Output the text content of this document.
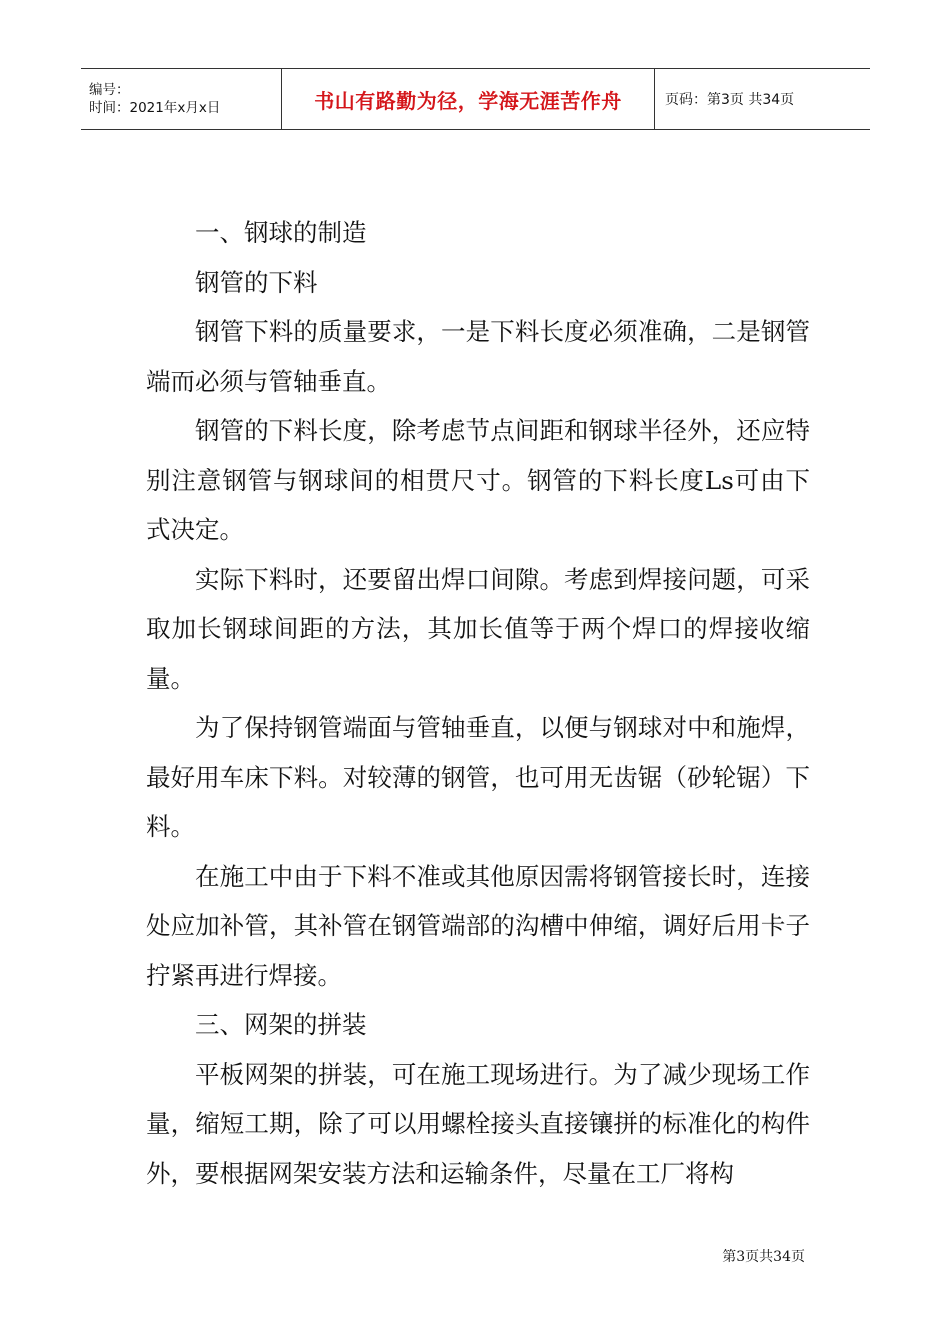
编号：
时间：2021年x月x日	书山有路勤为径，学海无涯苦作舟	页码：第3页 共34页

一、钢球的制造

钢管的下料

钢管下料的质量要求，一是下料长度必须准确，二是钢管端而必须与管轴垂直。

钢管的下料长度，除考虑节点间距和钢球半径外，还应特别注意钢管与钢球间的相贯尺寸。钢管的下料长度Ls可由下式决定。

实际下料时，还要留出焊口间隙。考虑到焊接问题，可采取加长钢球间距的方法，其加长值等于两个焊口的焊接收缩量。

为了保持钢管端面与管轴垂直，以便与钢球对中和施焊，最好用车床下料。对较薄的钢管，也可用无齿锯（砂轮锯）下料。

在施工中由于下料不准或其他原因需将钢管接长时，连接处应加补管，其补管在钢管端部的沟槽中伸缩，调好后用卡子拧紧再进行焊接。

三、网架的拼装

平板网架的拼装，可在施工现场进行。为了减少现场工作量，缩短工期，除了可以用螺栓接头直接镶拼的标准化的构件外，要根据网架安装方法和运输条件，尽量在工厂将构

第3页共34页
